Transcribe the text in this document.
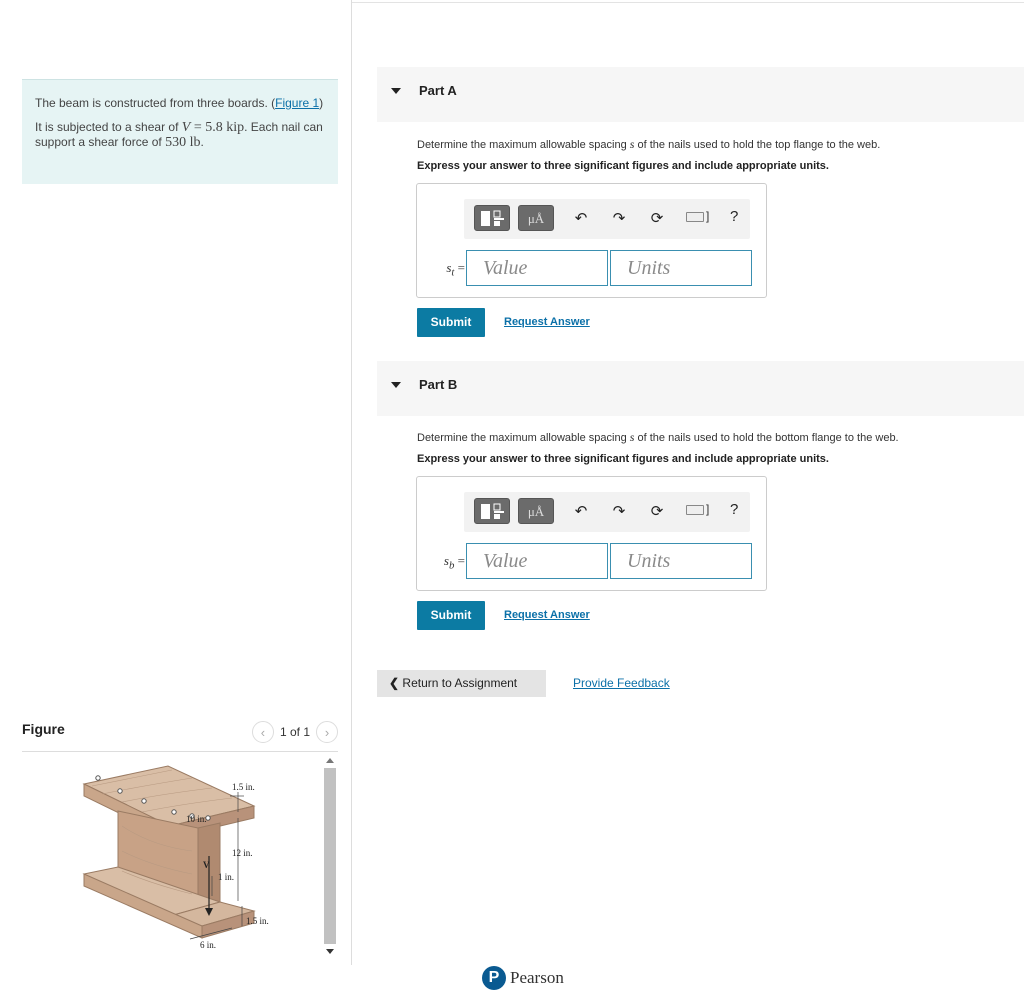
The beam is constructed from three boards. (Figure 1)

It is subjected to a shear of V = 5.8 kip. Each nail can support a shear force of 530 lb.

Figure	‹ 1 of 1 ›
1.5 in.
10 in.
12 in.
1 in.
1.5 in.
6 in.
V
Part A
Determine the maximum allowable spacing s of the nails used to hold the top flange to the web.
Express your answer to three significant figures and include appropriate units.
μÅ	↶ ↷ ⟳	] ?
$s_t$ = Value	Units
Submit	Request Answer
Part B
Determine the maximum allowable spacing s of the nails used to hold the bottom flange to the web.
Express your answer to three significant figures and include appropriate units.
μÅ	↶ ↷ ⟳	] ?
$s_b$ = Value	Units
Submit	Request Answer
❮ Return to Assignment	Provide Feedback
P Pearson
